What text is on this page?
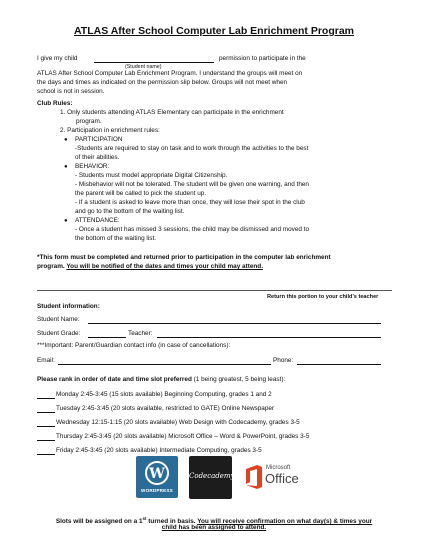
ATLAS After School Computer Lab Enrichment Program
I give my child	permission to participate in the
(Student name)
ATLAS After School Computer Lab Enrichment Program. I understand the groups will meet on
the days and times as indicated on the permission slip below. Groups will not meet when
school is not in session.
Club Rules:
1. Only students attending ATLAS Elementary can participate in the enrichment
program.
2. Participation in enrichment rules:
● PARTICIPATION
-Students are required to stay on task and to work through the activities to the best
of their abilities.
● BEHAVIOR:
- Students must model appropriate Digital Citizenship.
- Misbehavior will not be tolerated. The student will be given one warning, and then
the parent will be called to pick the student up.
- If a student is asked to leave more than once, they will lose their spot in the club
and go to the bottom of the waiting list.
● ATTENDANCE:
- Once a student has missed 3 sessions, the child may be dismissed and moved to
the bottom of the waiting list.
*This form must be completed and returned prior to participation in the computer lab enrichment
program. You will be notified of the dates and times your child may attend.
Return this portion to your child's teacher
Student information:
Student Name:
Student Grade:	Teacher:
***Important: Parent/Guardian contact info (in case of cancellations):
Email:	Phone:
Please rank in order of date and time slot preferred (1 being greatest, 5 being least):
Monday 2:45-3:45 (15 slots available) Beginning Computing, grades 1 and 2
Tuesday 2:45-3:45 (20 slots available, restricted to GATE) Online Newspaper
Wednesday 12:15-1:15 (20 slots available) Web Design with Codecademy, grades 3-5
Thursday 2:45-3:45 (20 slots available) Microsoft Office – Word & PowerPoint, grades 3-5
Friday 2:45-3:45 (20 slots available) Intermediate Computing, grades 3-5
W
WORDPRESS
Codecademy
Microsoft
Office
Slots will be assigned on a 1st turned in basis. You will receive confirmation on what day(s) & times your
child has been assigned to attend.
